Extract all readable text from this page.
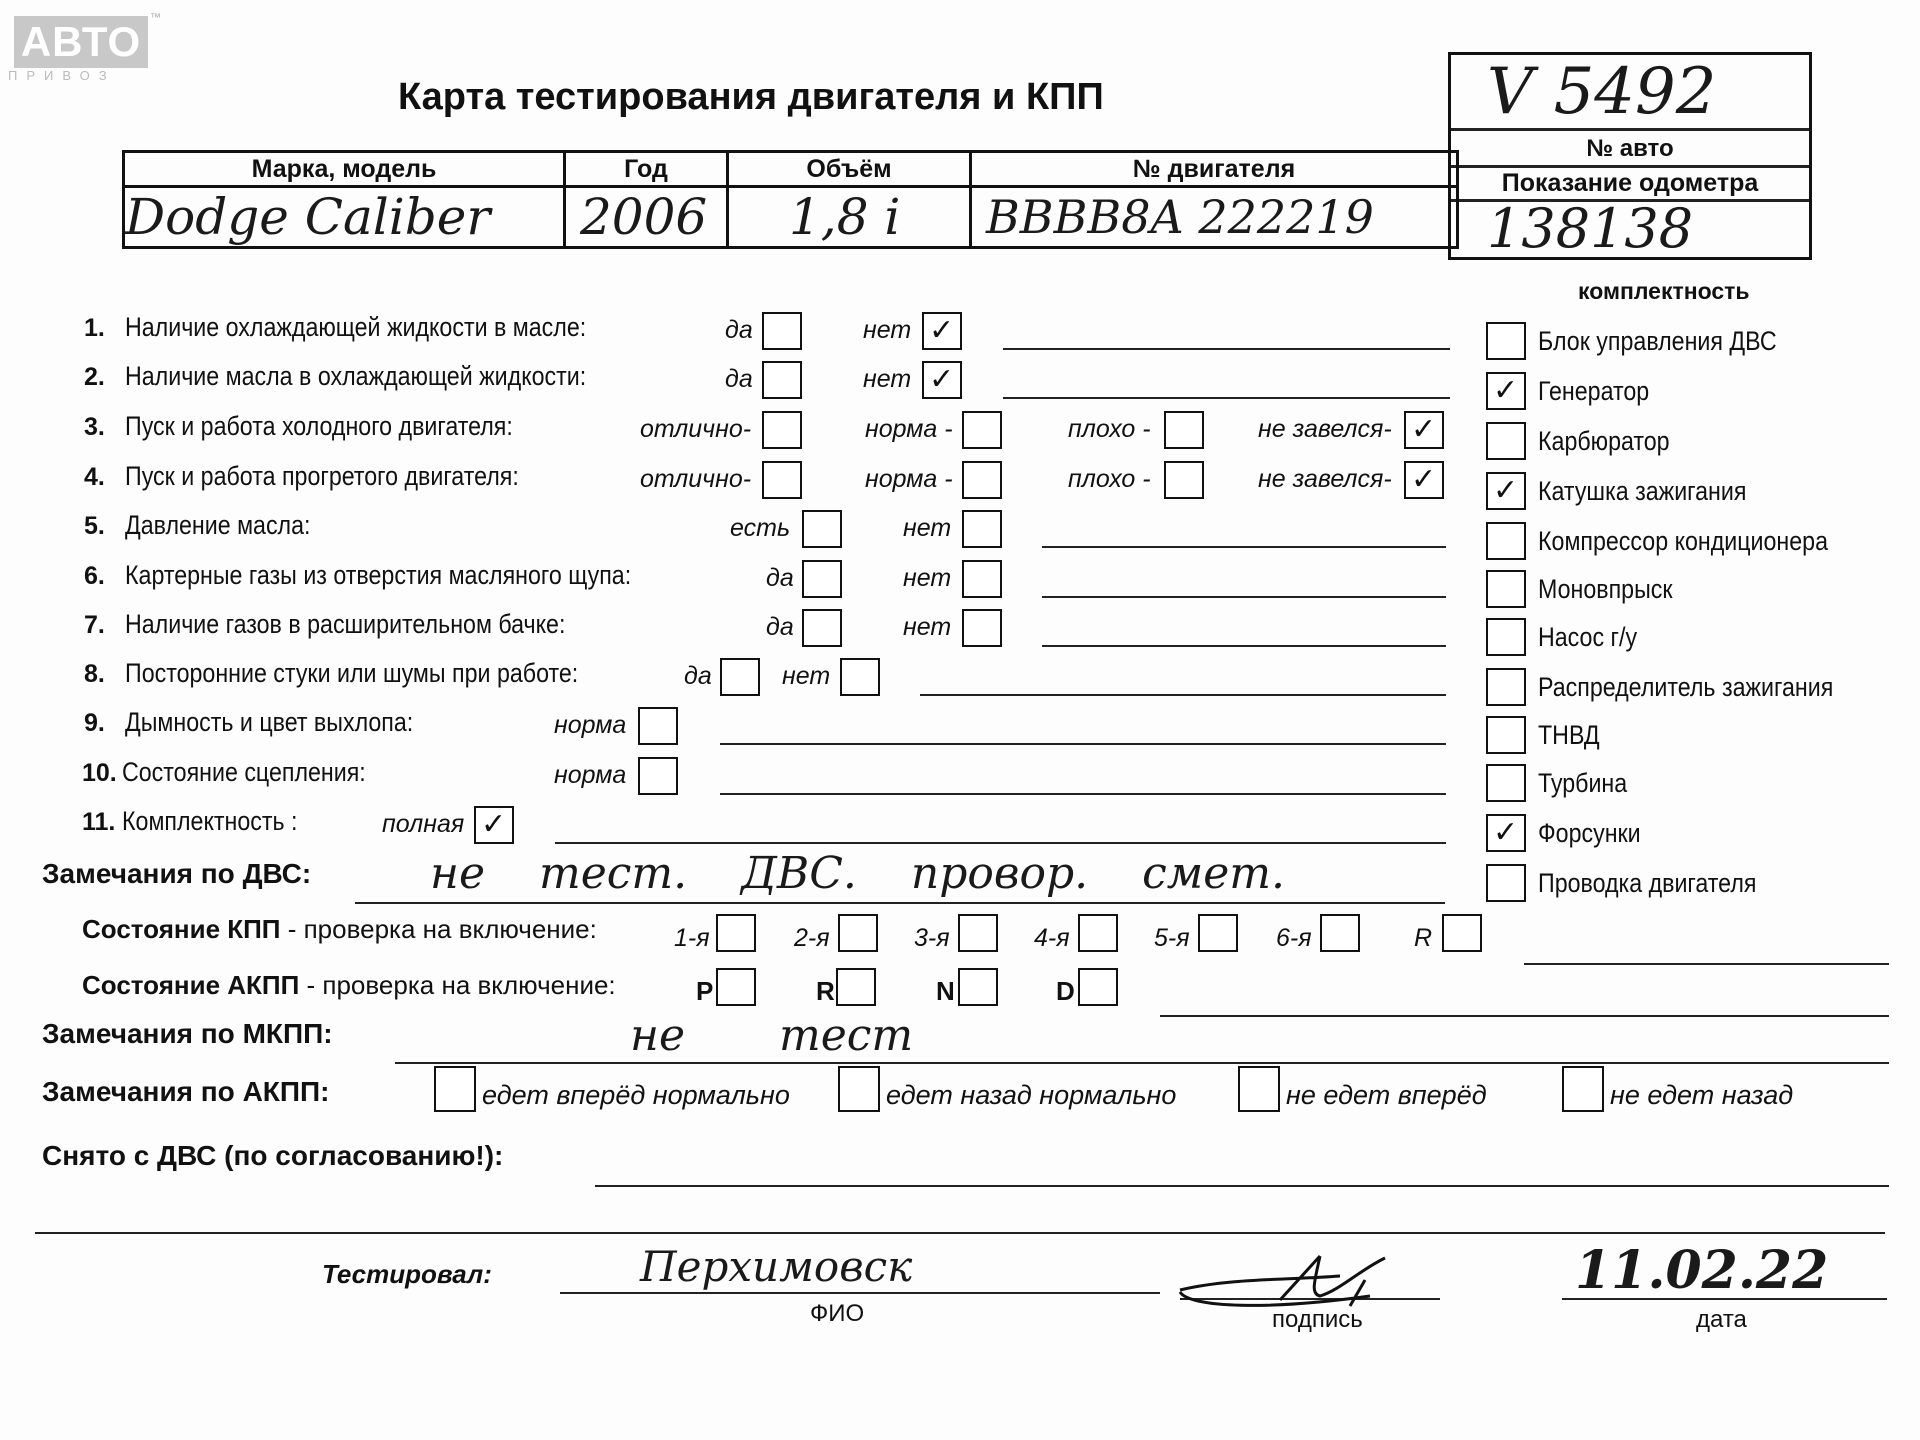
АВТО ™
ПРИВОЗ
Карта тестирования двигателя и КПП	V 5492
№ авто
Показание одометра
138138
Марка, модель	Год	Объём	№ двигателя
Dodge Caliber	2006	1,8 i	BBBB8A 222219
комплектность
Замечания по ДВС:	не тест. ДВС. провор. смет.
Состояние КПП - проверка на включение:
Состояние АКПП - проверка на включение:
Замечания по МКПП:	не тест
Замечания по АКПП:
Снято с ДВС (по согласованию!):
Тестировал:	Перхимовск
ФИО	подпись
11.02.22
дата
1. Наличие охлаждающей жидкости в масле:	да	нет ✓
2. Наличие масла в охлаждающей жидкости:	да	нет ✓
3. Пуск и работа холодного двигателя:	отлично-	норма -	плохо -	не завелся- ✓
4. Пуск и работа прогретого двигателя:	отлично-	норма -	плохо -	не завелся- ✓
5. Давление масла:	есть	нет
6. Картерные газы из отверстия масляного щупа:	да	нет
7. Наличие газов в расширительном бачке:	да	нет
8. Посторонние стуки или шумы при работе:	да	нет
9. Дымность и цвет выхлопа:	норма
10. Состояние сцепления:	норма
11. Комплектность :	полная ✓
Блок управления ДВС
✓ Генератор
Карбюратор
✓ Катушка зажигания
Компрессор кондиционера
Моновпрыск
Насос г/у
Распределитель зажигания
ТНВД
Турбина
✓ Форсунки
Проводка двигателя
1-я	2-я	3-я	4-я	5-я	6-я	R
P	R	N	D
едет вперёд нормально	едет назад нормально	не едет вперёд	не едет назад
